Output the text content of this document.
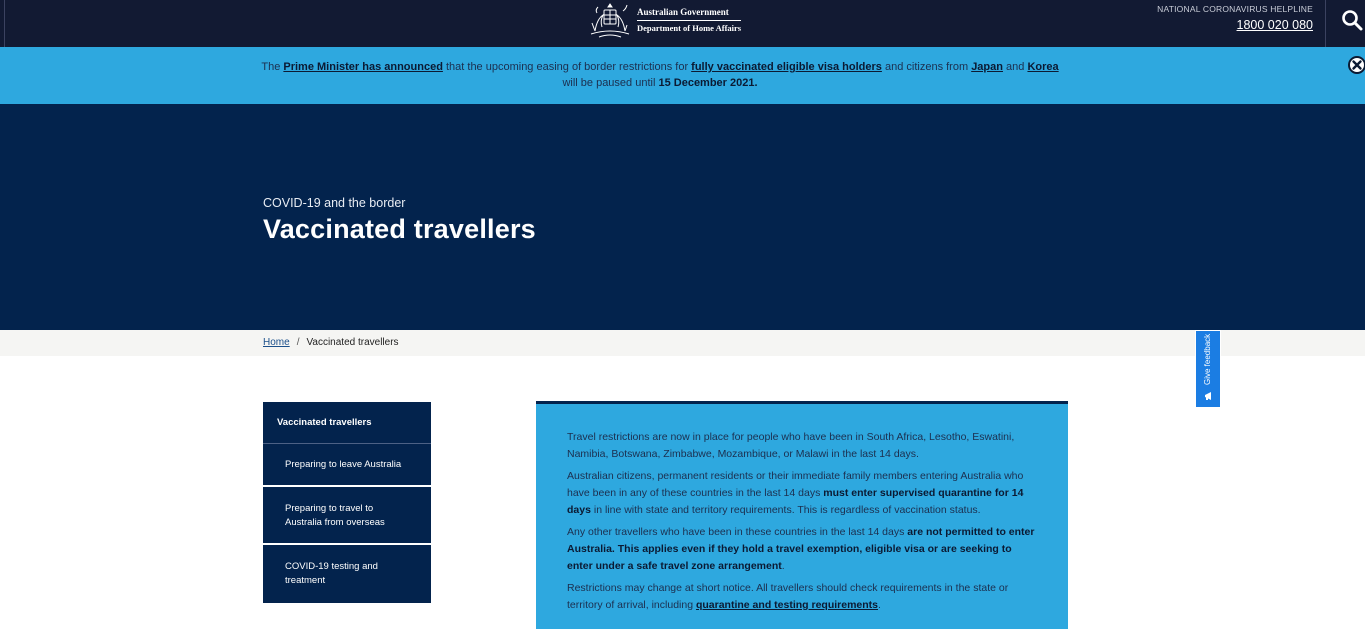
Australian Government
Department of Home Affairs
NATIONAL CORONAVIRUS HELPLINE
1800 020 080
The Prime Minister has announced that the upcoming easing of border restrictions for fully vaccinated eligible visa holders and citizens from Japan and Korea
will be paused until 15 December 2021.
COVID-19 and the border
Vaccinated travellers
Home / Vaccinated travellers	Give feedback
Vaccinated travellers
Preparing to leave Australia
Preparing to travel to Australia from overseas
COVID-19 testing and treatment

Travel restrictions are now in place for people who have been in South Africa, Lesotho, Eswatini, Namibia, Botswana, Zimbabwe, Mozambique, or Malawi in the last 14 days.

Australian citizens, permanent residents or their immediate family members entering Australia who have been in any of these countries in the last 14 days must enter supervised quarantine for 14 days in line with state and territory requirements. This is regardless of vaccination status.

Any other travellers who have been in these countries in the last 14 days are not permitted to enter Australia. This applies even if they hold a travel exemption, eligible visa or are seeking to enter under a safe travel zone arrangement.

Restrictions may change at short notice. All travellers should check requirements in the state or territory of arrival, including quarantine and testing requirements.
